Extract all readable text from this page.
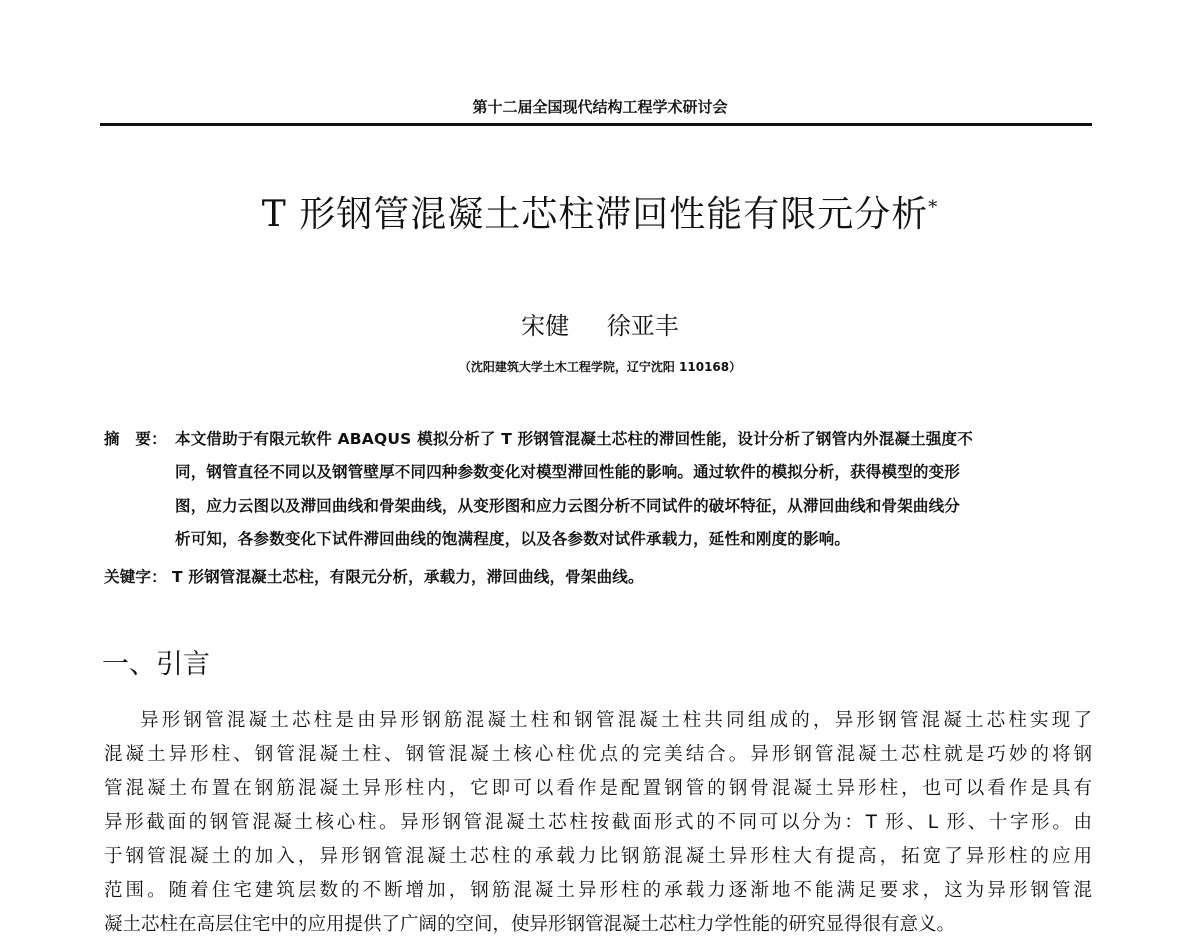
第十二届全国现代结构工程学术研讨会
T 形钢管混凝土芯柱滞回性能有限元分析*
宋健 徐亚丰
（沈阳建筑大学土木工程学院，辽宁沈阳 110168）
摘　要： 本文借助于有限元软件 ABAQUS 模拟分析了 T 形钢管混凝土芯柱的滞回性能，设计分析了钢管内外混凝土强度不
同，钢管直径不同以及钢管壁厚不同四种参数变化对模型滞回性能的影响。通过软件的模拟分析，获得模型的变形
图，应力云图以及滞回曲线和骨架曲线，从变形图和应力云图分析不同试件的破坏特征，从滞回曲线和骨架曲线分
析可知，各参数变化下试件滞回曲线的饱满程度，以及各参数对试件承载力，延性和刚度的影响。
关键字： T 形钢管混凝土芯柱，有限元分析，承载力，滞回曲线，骨架曲线。
一、引言
异形钢管混凝土芯柱是由异形钢筋混凝土柱和钢管混凝土柱共同组成的，异形钢管混凝土芯柱实现了
混凝土异形柱、钢管混凝土柱、钢管混凝土核心柱优点的完美结合。异形钢管混凝土芯柱就是巧妙的将钢
管混凝土布置在钢筋混凝土异形柱内，它即可以看作是配置钢管的钢骨混凝土异形柱，也可以看作是具有
异形截面的钢管混凝土核心柱。异形钢管混凝土芯柱按截面形式的不同可以分为：T 形、L 形、十字形。由
于钢管混凝土的加入，异形钢管混凝土芯柱的承载力比钢筋混凝土异形柱大有提高，拓宽了异形柱的应用
范围。随着住宅建筑层数的不断增加，钢筋混凝土异形柱的承载力逐渐地不能满足要求，这为异形钢管混
凝土芯柱在高层住宅中的应用提供了广阔的空间，使异形钢管混凝土芯柱力学性能的研究显得很有意义。
